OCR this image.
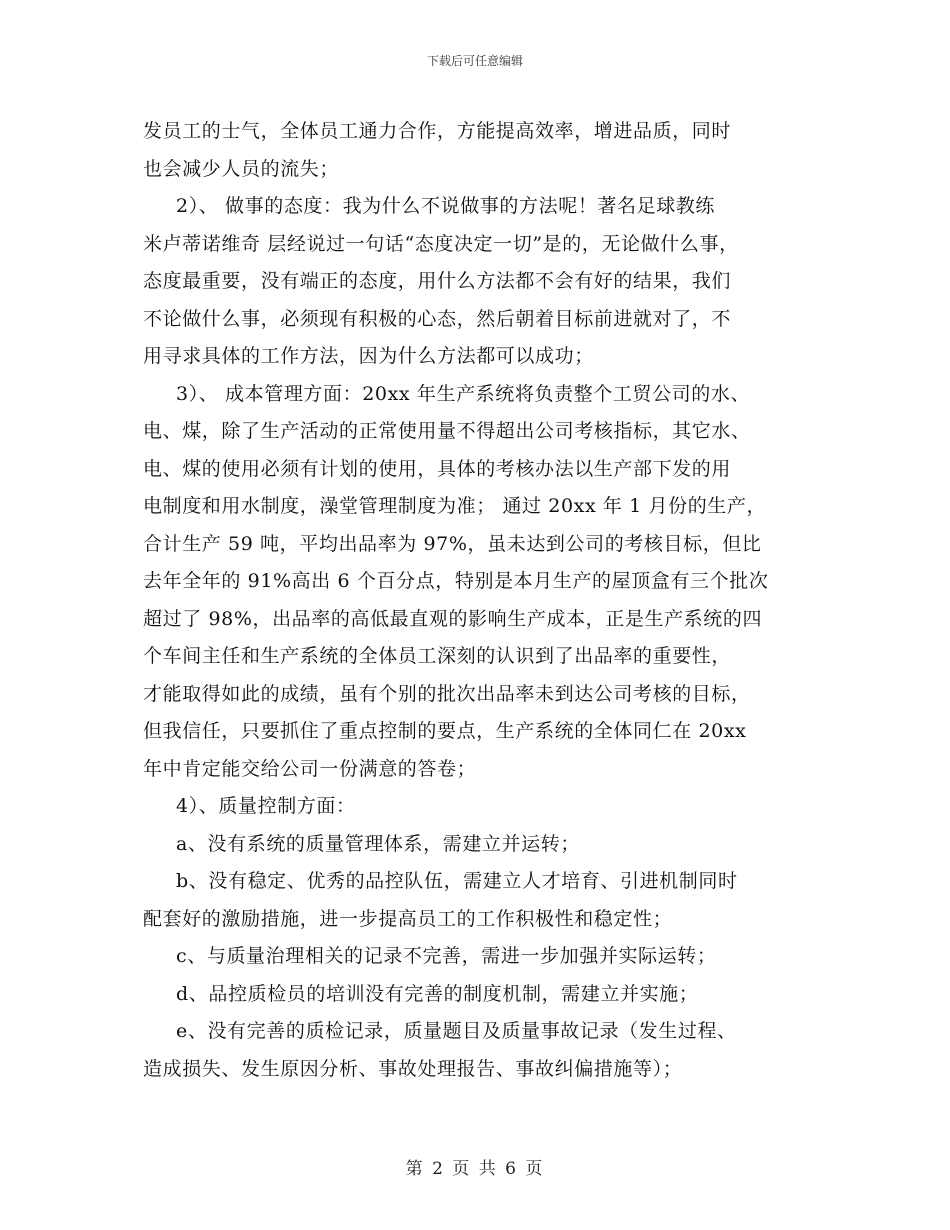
下载后可任意编辑
发员工的士气，全体员工通力合作，方能提高效率，增进品质，同时
也会减少人员的流失；
2）、 做事的态度：我为什么不说做事的方法呢！著名足球教练
米卢蒂诺维奇 层经说过一句话“态度决定一切”是的，无论做什么事，
态度最重要，没有端正的态度，用什么方法都不会有好的结果，我们
不论做什么事，必须现有积极的心态，然后朝着目标前进就对了，不
用寻求具体的工作方法，因为什么方法都可以成功；
3）、 成本管理方面：20xx 年生产系统将负责整个工贸公司的水、
电、煤，除了生产活动的正常使用量不得超出公司考核指标，其它水、
电、煤的使用必须有计划的使用，具体的考核办法以生产部下发的用
电制度和用水制度，澡堂管理制度为准； 通过 20xx 年 1 月份的生产，
合计生产 59 吨，平均出品率为 97%，虽未达到公司的考核目标，但比
去年全年的 91%高出 6 个百分点，特别是本月生产的屋顶盒有三个批次
超过了 98%，出品率的高低最直观的影响生产成本，正是生产系统的四
个车间主任和生产系统的全体员工深刻的认识到了出品率的重要性，
才能取得如此的成绩，虽有个别的批次出品率未到达公司考核的目标，
但我信任，只要抓住了重点控制的要点，生产系统的全体同仁在 20xx
年中肯定能交给公司一份满意的答卷；
4）、质量控制方面：
a、没有系统的质量管理体系，需建立并运转；
b、没有稳定、优秀的品控队伍，需建立人才培育、引进机制同时
配套好的激励措施，进一步提高员工的工作积极性和稳定性；
c、与质量治理相关的记录不完善，需进一步加强并实际运转；
d、品控质检员的培训没有完善的制度机制，需建立并实施；
e、没有完善的质检记录，质量题目及质量事故记录（发生过程、
造成损失、发生原因分析、事故处理报告、事故纠偏措施等）；
第 2 页 共 6 页
